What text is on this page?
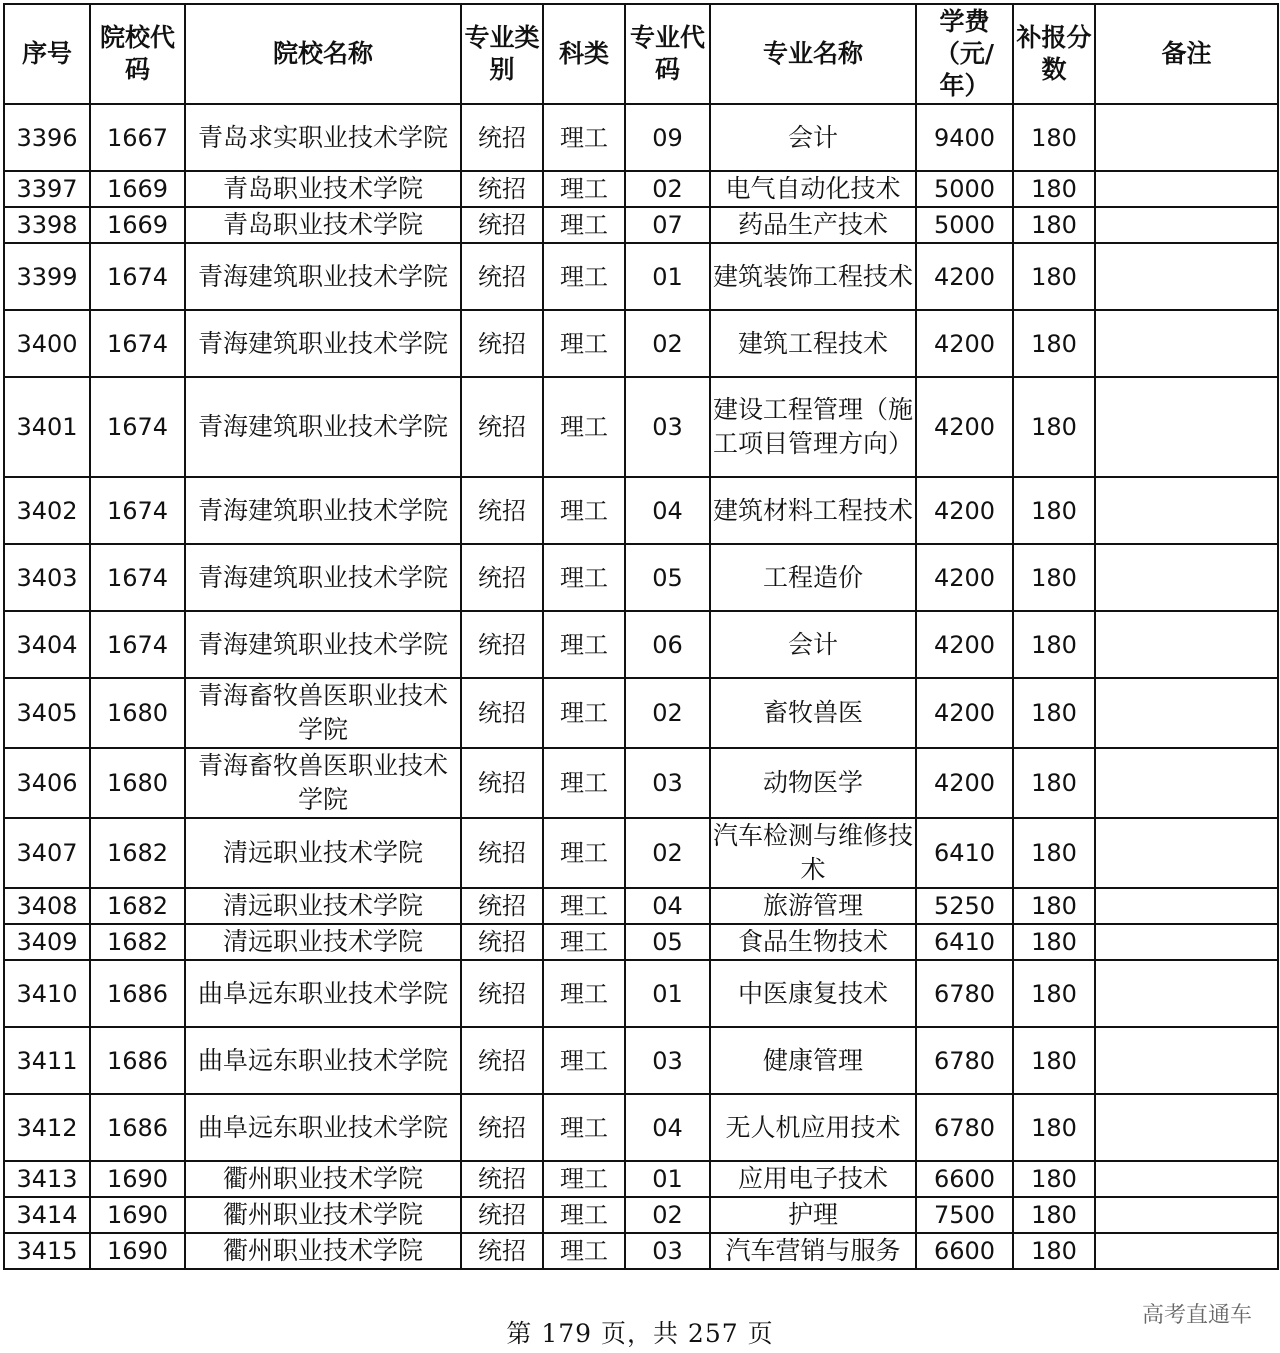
序号	院校代码	院校名称	专业类别	科类	专业代码	专业名称	学费（元/年）	补报分数	备注
3396	1667	青岛求实职业技术学院	统招	理工	09	会计	9400	180	
3397	1669	青岛职业技术学院	统招	理工	02	电气自动化技术	5000	180	
3398	1669	青岛职业技术学院	统招	理工	07	药品生产技术	5000	180	
3399	1674	青海建筑职业技术学院	统招	理工	01	建筑装饰工程技术	4200	180	
3400	1674	青海建筑职业技术学院	统招	理工	02	建筑工程技术	4200	180	
3401	1674	青海建筑职业技术学院	统招	理工	03	建设工程管理（施工项目管理方向）	4200	180	
3402	1674	青海建筑职业技术学院	统招	理工	04	建筑材料工程技术	4200	180	
3403	1674	青海建筑职业技术学院	统招	理工	05	工程造价	4200	180	
3404	1674	青海建筑职业技术学院	统招	理工	06	会计	4200	180	
3405	1680	青海畜牧兽医职业技术学院	统招	理工	02	畜牧兽医	4200	180	
3406	1680	青海畜牧兽医职业技术学院	统招	理工	03	动物医学	4200	180	
3407	1682	清远职业技术学院	统招	理工	02	汽车检测与维修技术	6410	180	
3408	1682	清远职业技术学院	统招	理工	04	旅游管理	5250	180	
3409	1682	清远职业技术学院	统招	理工	05	食品生物技术	6410	180	
3410	1686	曲阜远东职业技术学院	统招	理工	01	中医康复技术	6780	180	
3411	1686	曲阜远东职业技术学院	统招	理工	03	健康管理	6780	180	
3412	1686	曲阜远东职业技术学院	统招	理工	04	无人机应用技术	6780	180	
3413	1690	衢州职业技术学院	统招	理工	01	应用电子技术	6600	180	
3414	1690	衢州职业技术学院	统招	理工	02	护理	7500	180	
3415	1690	衢州职业技术学院	统招	理工	03	汽车营销与服务	6600	180	
第 179 页，共 257 页
高考直通车
